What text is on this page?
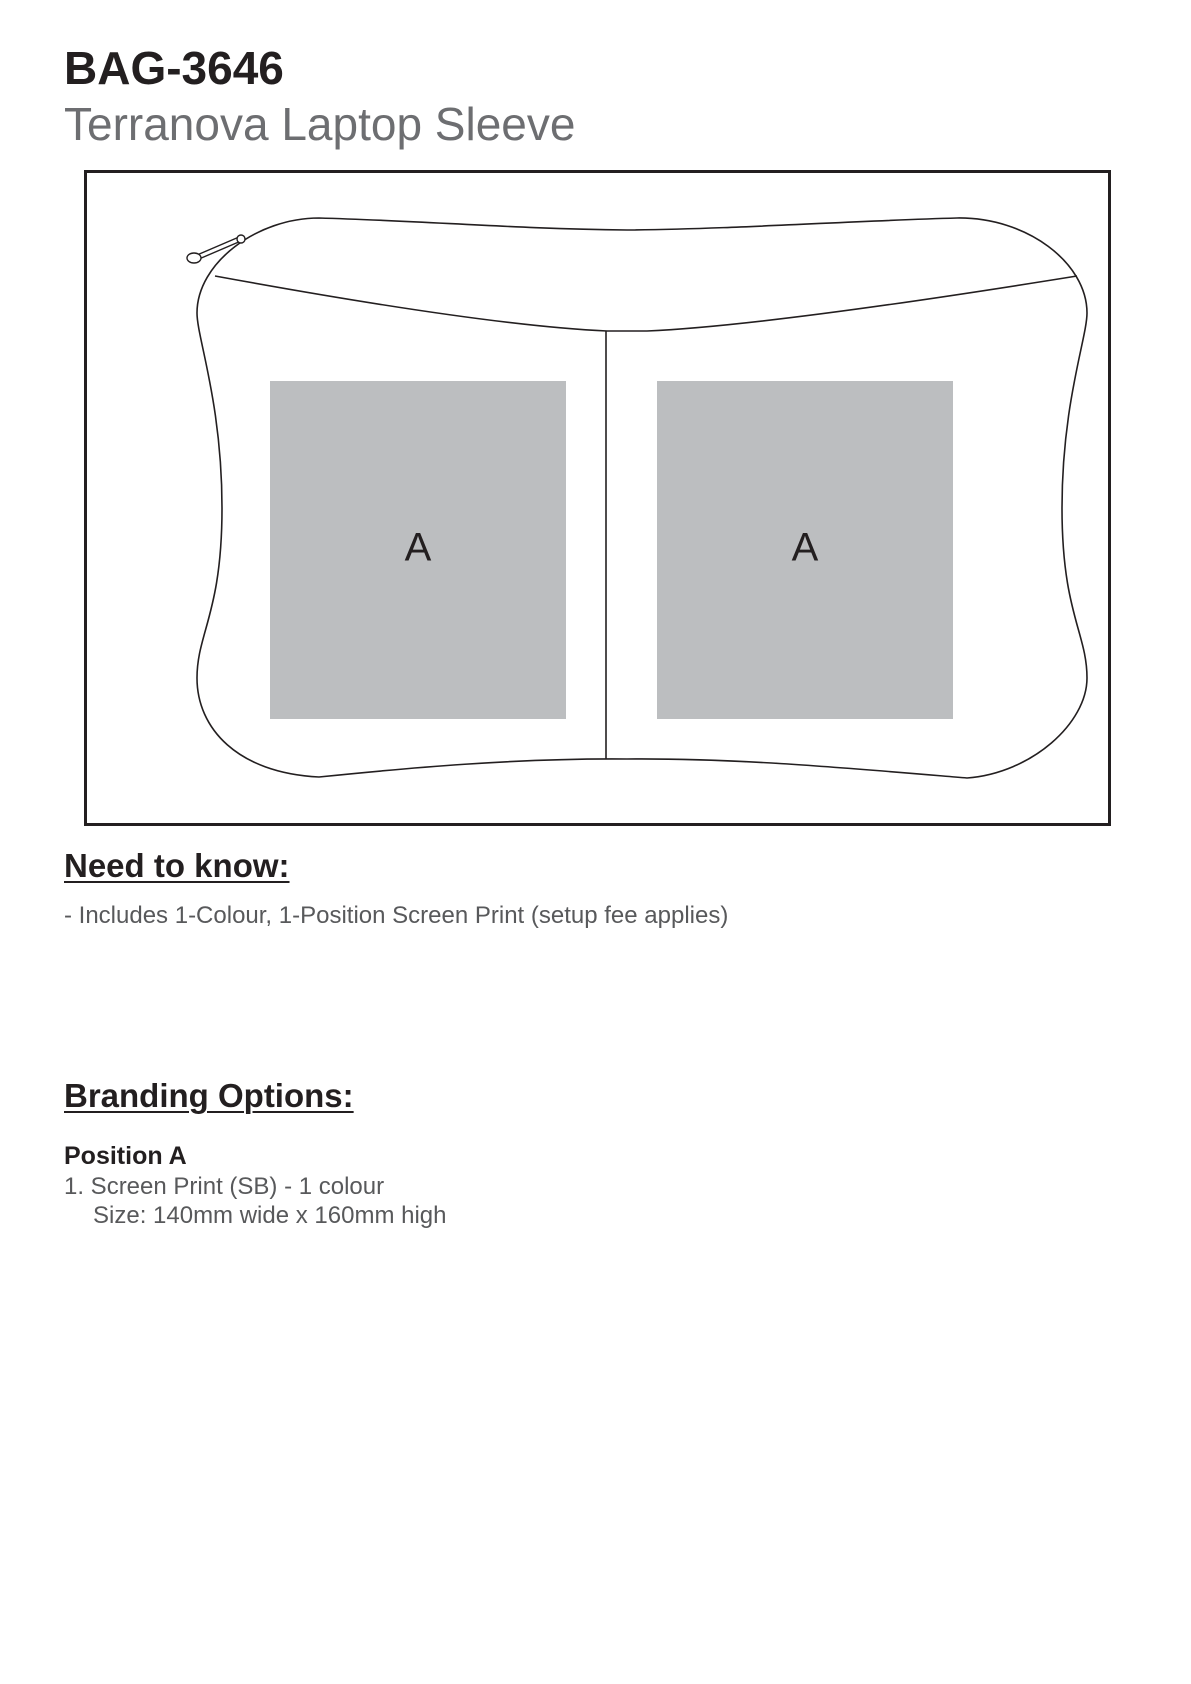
BAG-3646
Terranova Laptop Sleeve
A	A
Need to know:
- Includes 1-Colour, 1-Position Screen Print (setup fee applies)
Branding Options:
Position A
1. Screen Print (SB) - 1 colour
Size: 140mm wide x 160mm high
